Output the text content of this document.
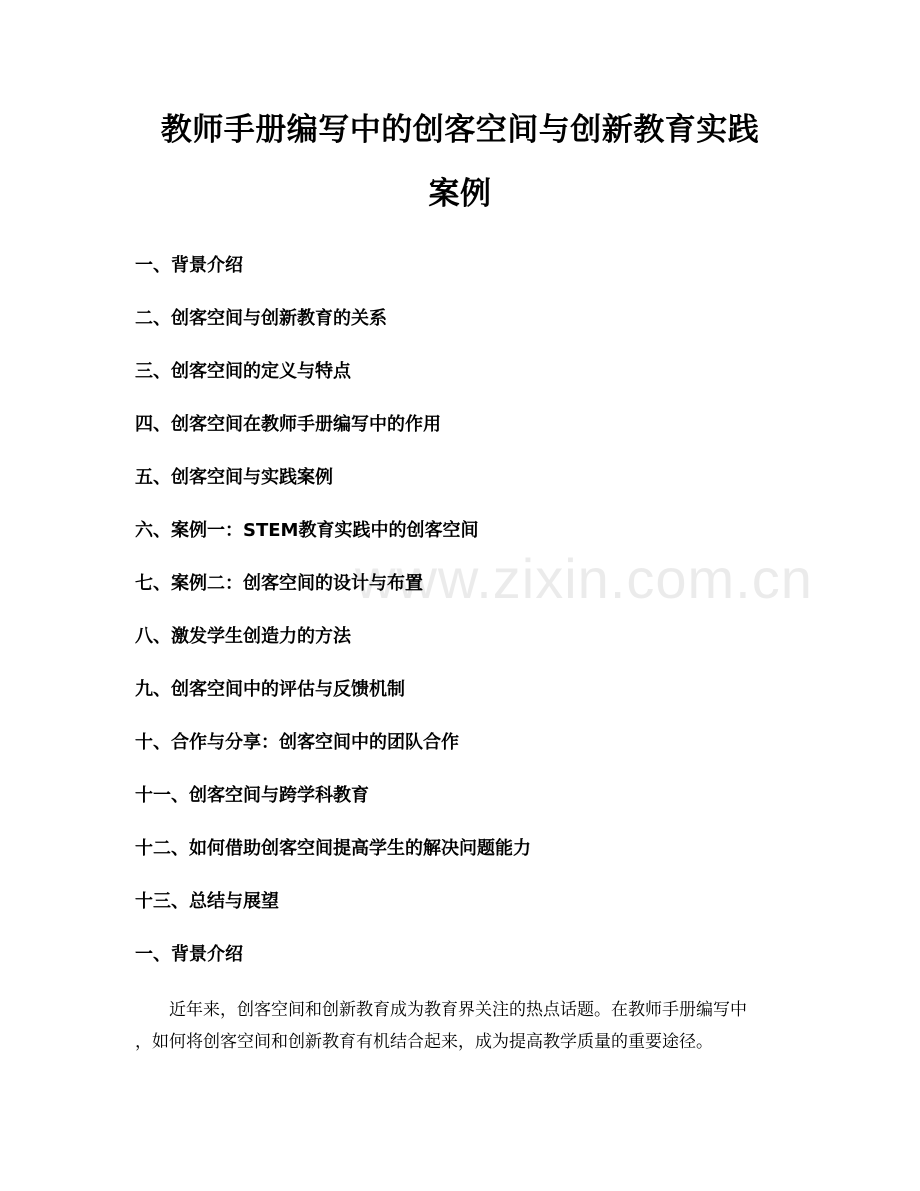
教师手册编写中的创客空间与创新教育实践
案例
一、背景介绍
二、创客空间与创新教育的关系
三、创客空间的定义与特点
四、创客空间在教师手册编写中的作用
五、创客空间与实践案例
六、案例一：STEM教育实践中的创客空间
七、案例二：创客空间的设计与布置
八、激发学生创造力的方法
九、创客空间中的评估与反馈机制
十、合作与分享：创客空间中的团队合作
十一、创客空间与跨学科教育
十二、如何借助创客空间提高学生的解决问题能力
十三、总结与展望
一、背景介绍

近年来，创客空间和创新教育成为教育界关注的热点话题。在教师手册编写中
，如何将创客空间和创新教育有机结合起来，成为提高教学质量的重要途径。

www.zixin.com.cn
